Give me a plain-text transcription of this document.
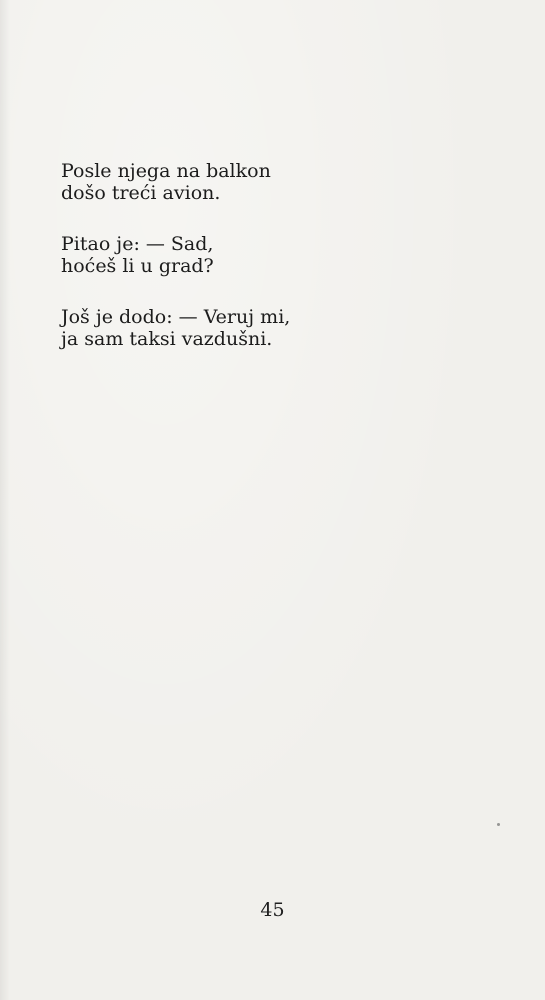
Posle njega na balkon
došo treći avion.
Pitao je: — Sad,
hoćeš li u grad?
Još je dodo: — Veruj mi,
ja sam taksi vazdušni.
45
